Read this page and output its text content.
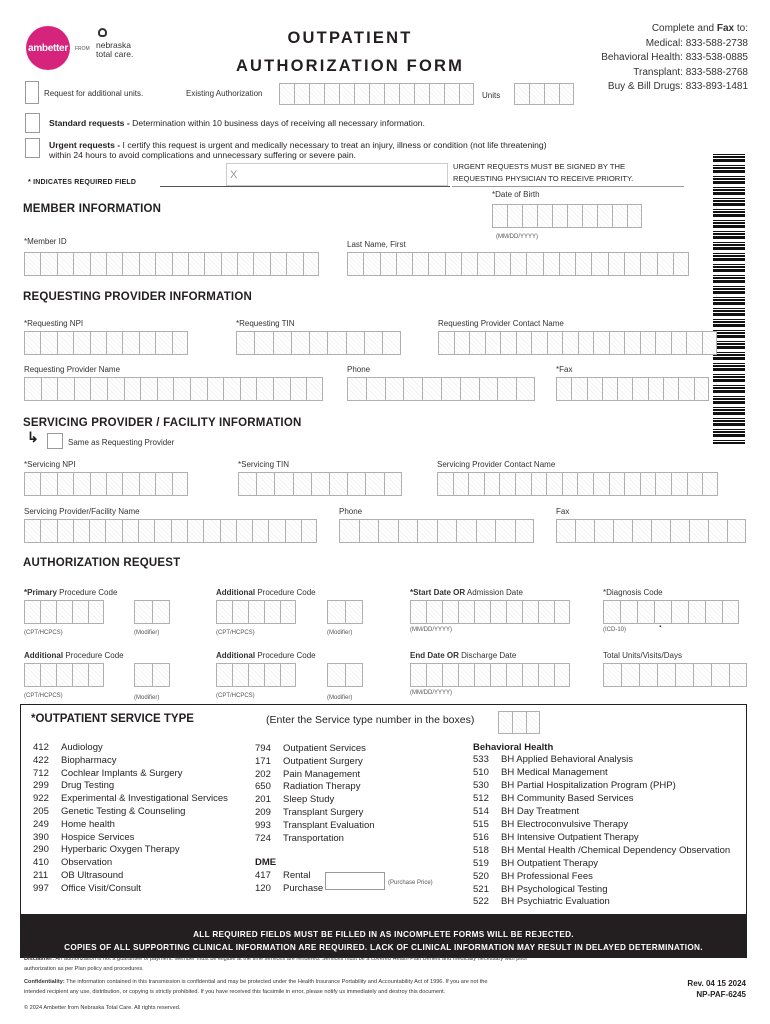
ambetter FROM nebraska
total care.
OUTPATIENT
AUTHORIZATION FORM
Complete and Fax to:
Medical: 833-588-2738
Behavioral Health: 833-538-0885
Transplant: 833-588-2768
Buy & Bill Drugs: 833-893-1481
Request for additional units.	Existing Authorization	Units
Standard requests - Determination within 10 business days of receiving all necessary information.
Urgent requests - I certify this request is urgent and medically necessary to treat an injury, illness or condition (not life threatening)
within 24 hours to avoid complications and unnecessary suffering or severe pain.
* INDICATES REQUIRED FIELD
X
URGENT REQUESTS MUST BE SIGNED BY THE
REQUESTING PHYSICIAN TO RECEIVE PRIORITY.
MEMBER INFORMATION
*Date of Birth
(MM/DD/YYYY)
*Member ID	Last Name, First
REQUESTING PROVIDER INFORMATION
*Requesting NPI	*Requesting TIN	Requesting Provider Contact Name
Requesting Provider Name	Phone	*Fax
SERVICING PROVIDER / FACILITY INFORMATION
↳	Same as Requesting Provider
*Servicing NPI	*Servicing TIN	Servicing Provider Contact Name
Servicing Provider/Facility Name	Phone	Fax
AUTHORIZATION REQUEST
*Primary Procedure Code	Additional Procedure Code	*Start Date OR Admission Date	*Diagnosis Code
.
(CPT/HCPCS)	(Modifier)	(CPT/HCPCS)	(Modifier)	(MM/DD/YYYY)	(ICD-10)
Additional Procedure Code	Additional Procedure Code	End Date OR Discharge Date	Total Units/Visits/Days
(CPT/HCPCS)	(Modifier)	(CPT/HCPCS)	(Modifier)
(MM/DD/YYYY)
*OUTPATIENT SERVICE TYPE	(Enter the Service type number in the boxes)
412	Audiology
422	Biopharmacy
712	Cochlear Implants & Surgery
299	Drug Testing
922	Experimental & Investigational Services
205	Genetic Testing & Counseling
249	Home health
390	Hospice Services
290	Hyperbaric Oxygen Therapy
410	Observation
211	OB Ultrasound
997	Office Visit/Consult
794	Outpatient Services
171	Outpatient Surgery
202	Pain Management
650	Radiation Therapy
201	Sleep Study
209	Transplant Surgery
993	Transplant Evaluation
724	Transportation
DME
417	Rental
120	Purchase	(Purchase Price)
Behavioral Health
533	BH Applied Behavioral Analysis
510	BH Medical Management
530	BH Partial Hospitalization Program (PHP)
512	BH Community Based Services
514	BH Day Treatment
515	BH Electroconvulsive Therapy
516	BH Intensive Outpatient Therapy
518	BH Mental Health /Chemical Dependency Observation
519	BH Outpatient Therapy
520	BH Professional Fees
521	BH Psychological Testing
522	BH Psychiatric Evaluation
ALL REQUIRED FIELDS MUST BE FILLED IN AS INCOMPLETE FORMS WILL BE REJECTED.
COPIES OF ALL SUPPORTING CLINICAL INFORMATION ARE REQUIRED. LACK OF CLINICAL INFORMATION MAY RESULT IN DELAYED DETERMINATION.
Disclaimer: An authorization is not a guarantee of payment. Member must be eligible at the time services are rendered. Services must be a covered Health Plan Benefit and medically necessary with prior
authorization as per Plan policy and procedures.
Confidentiality: The information contained in this transmission is confidential and may be protected under the Health Insurance Portability and Accountability Act of 1996. If you are not the
intended recipient any use, distribution, or copying is strictly prohibited. If you have received this facsimile in error, please notify us immediately and destroy this document.
© 2024 Ambetter from Nebraska Total Care. All rights reserved.
Rev. 04 15 2024
NP-PAF-6245
